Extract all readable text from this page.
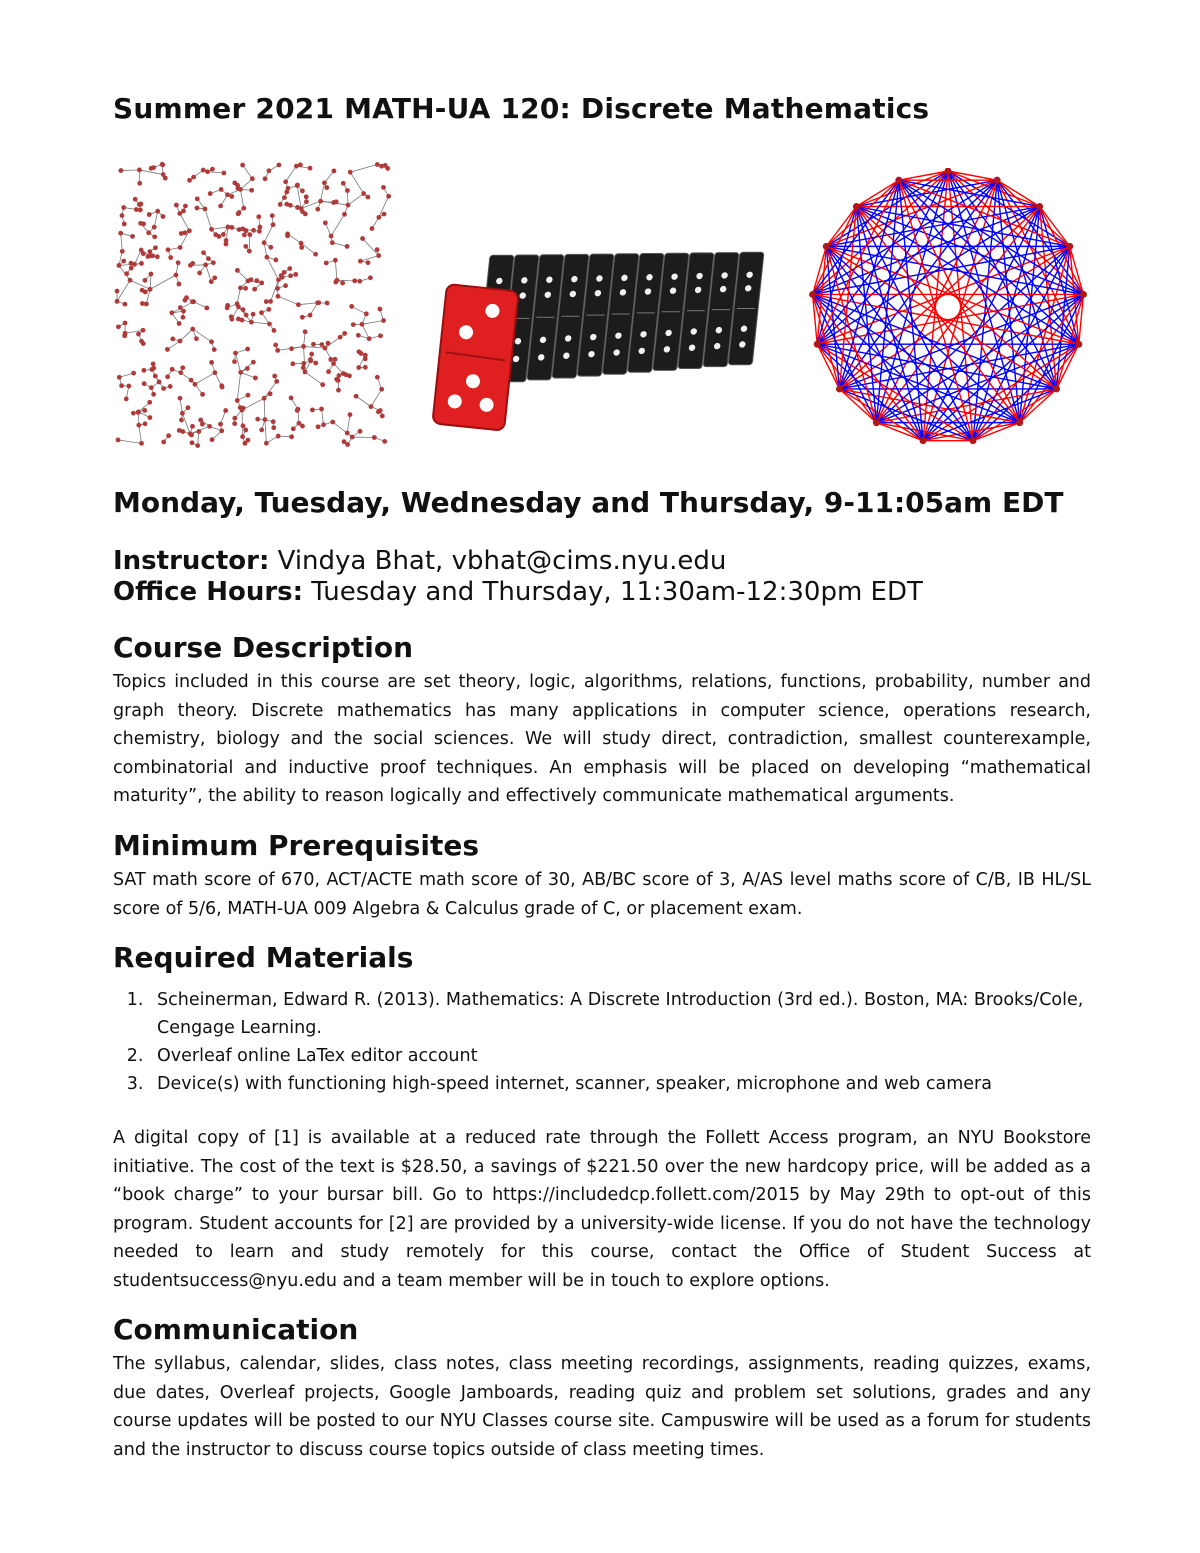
Summer 2021 MATH-UA 120: Discrete Mathematics
Monday, Tuesday, Wednesday and Thursday, 9-11:05am EDT
Instructor: Vindya Bhat, vbhat@cims.nyu.edu
Office Hours: Tuesday and Thursday, 11:30am-12:30pm EDT
Course Description

Topics included in this course are set theory, logic, algorithms, relations, functions, probability, number and graph theory. Discrete mathematics has many applications in computer science, operations research, chemistry, biology and the social sciences. We will study direct, contradiction, smallest counterexample, combinatorial and inductive proof techniques. An emphasis will be placed on developing “mathematical maturity”, the ability to reason logically and effectively communicate mathematical arguments.

Minimum Prerequisites

SAT math score of 670, ACT/ACTE math score of 30, AB/BC score of 3, A/AS level maths score of C/B, IB HL/SL score of 5/6, MATH-UA 009 Algebra & Calculus grade of C, or placement exam.

Required Materials
1. Scheinerman, Edward R. (2013). Mathematics: A Discrete Introduction (3rd ed.). Boston, MA: Brooks/Cole, Cengage Learning.
2. Overleaf online LaTex editor account
3. Device(s) with functioning high-speed internet, scanner, speaker, microphone and web camera
A digital copy of [1] is available at a reduced rate through the Follett Access program, an NYU Bookstore initiative. The cost of the text is $28.50, a savings of $221.50 over the new hardcopy price, will be added as a “book charge” to your bursar bill. Go to https://includedcp.follett.com/2015 by May 29th to opt-out of this program. Student accounts for [2] are provided by a university-wide license. If you do not have the technology needed to learn and study remotely for this course, contact the Office of Student Success at studentsuccess@nyu.edu and a team member will be in touch to explore options.
Communication

The syllabus, calendar, slides, class notes, class meeting recordings, assignments, reading quizzes, exams, due dates, Overleaf projects, Google Jamboards, reading quiz and problem set solutions, grades and any course updates will be posted to our NYU Classes course site. Campuswire will be used as a forum for students and the instructor to discuss course topics outside of class meeting times.
